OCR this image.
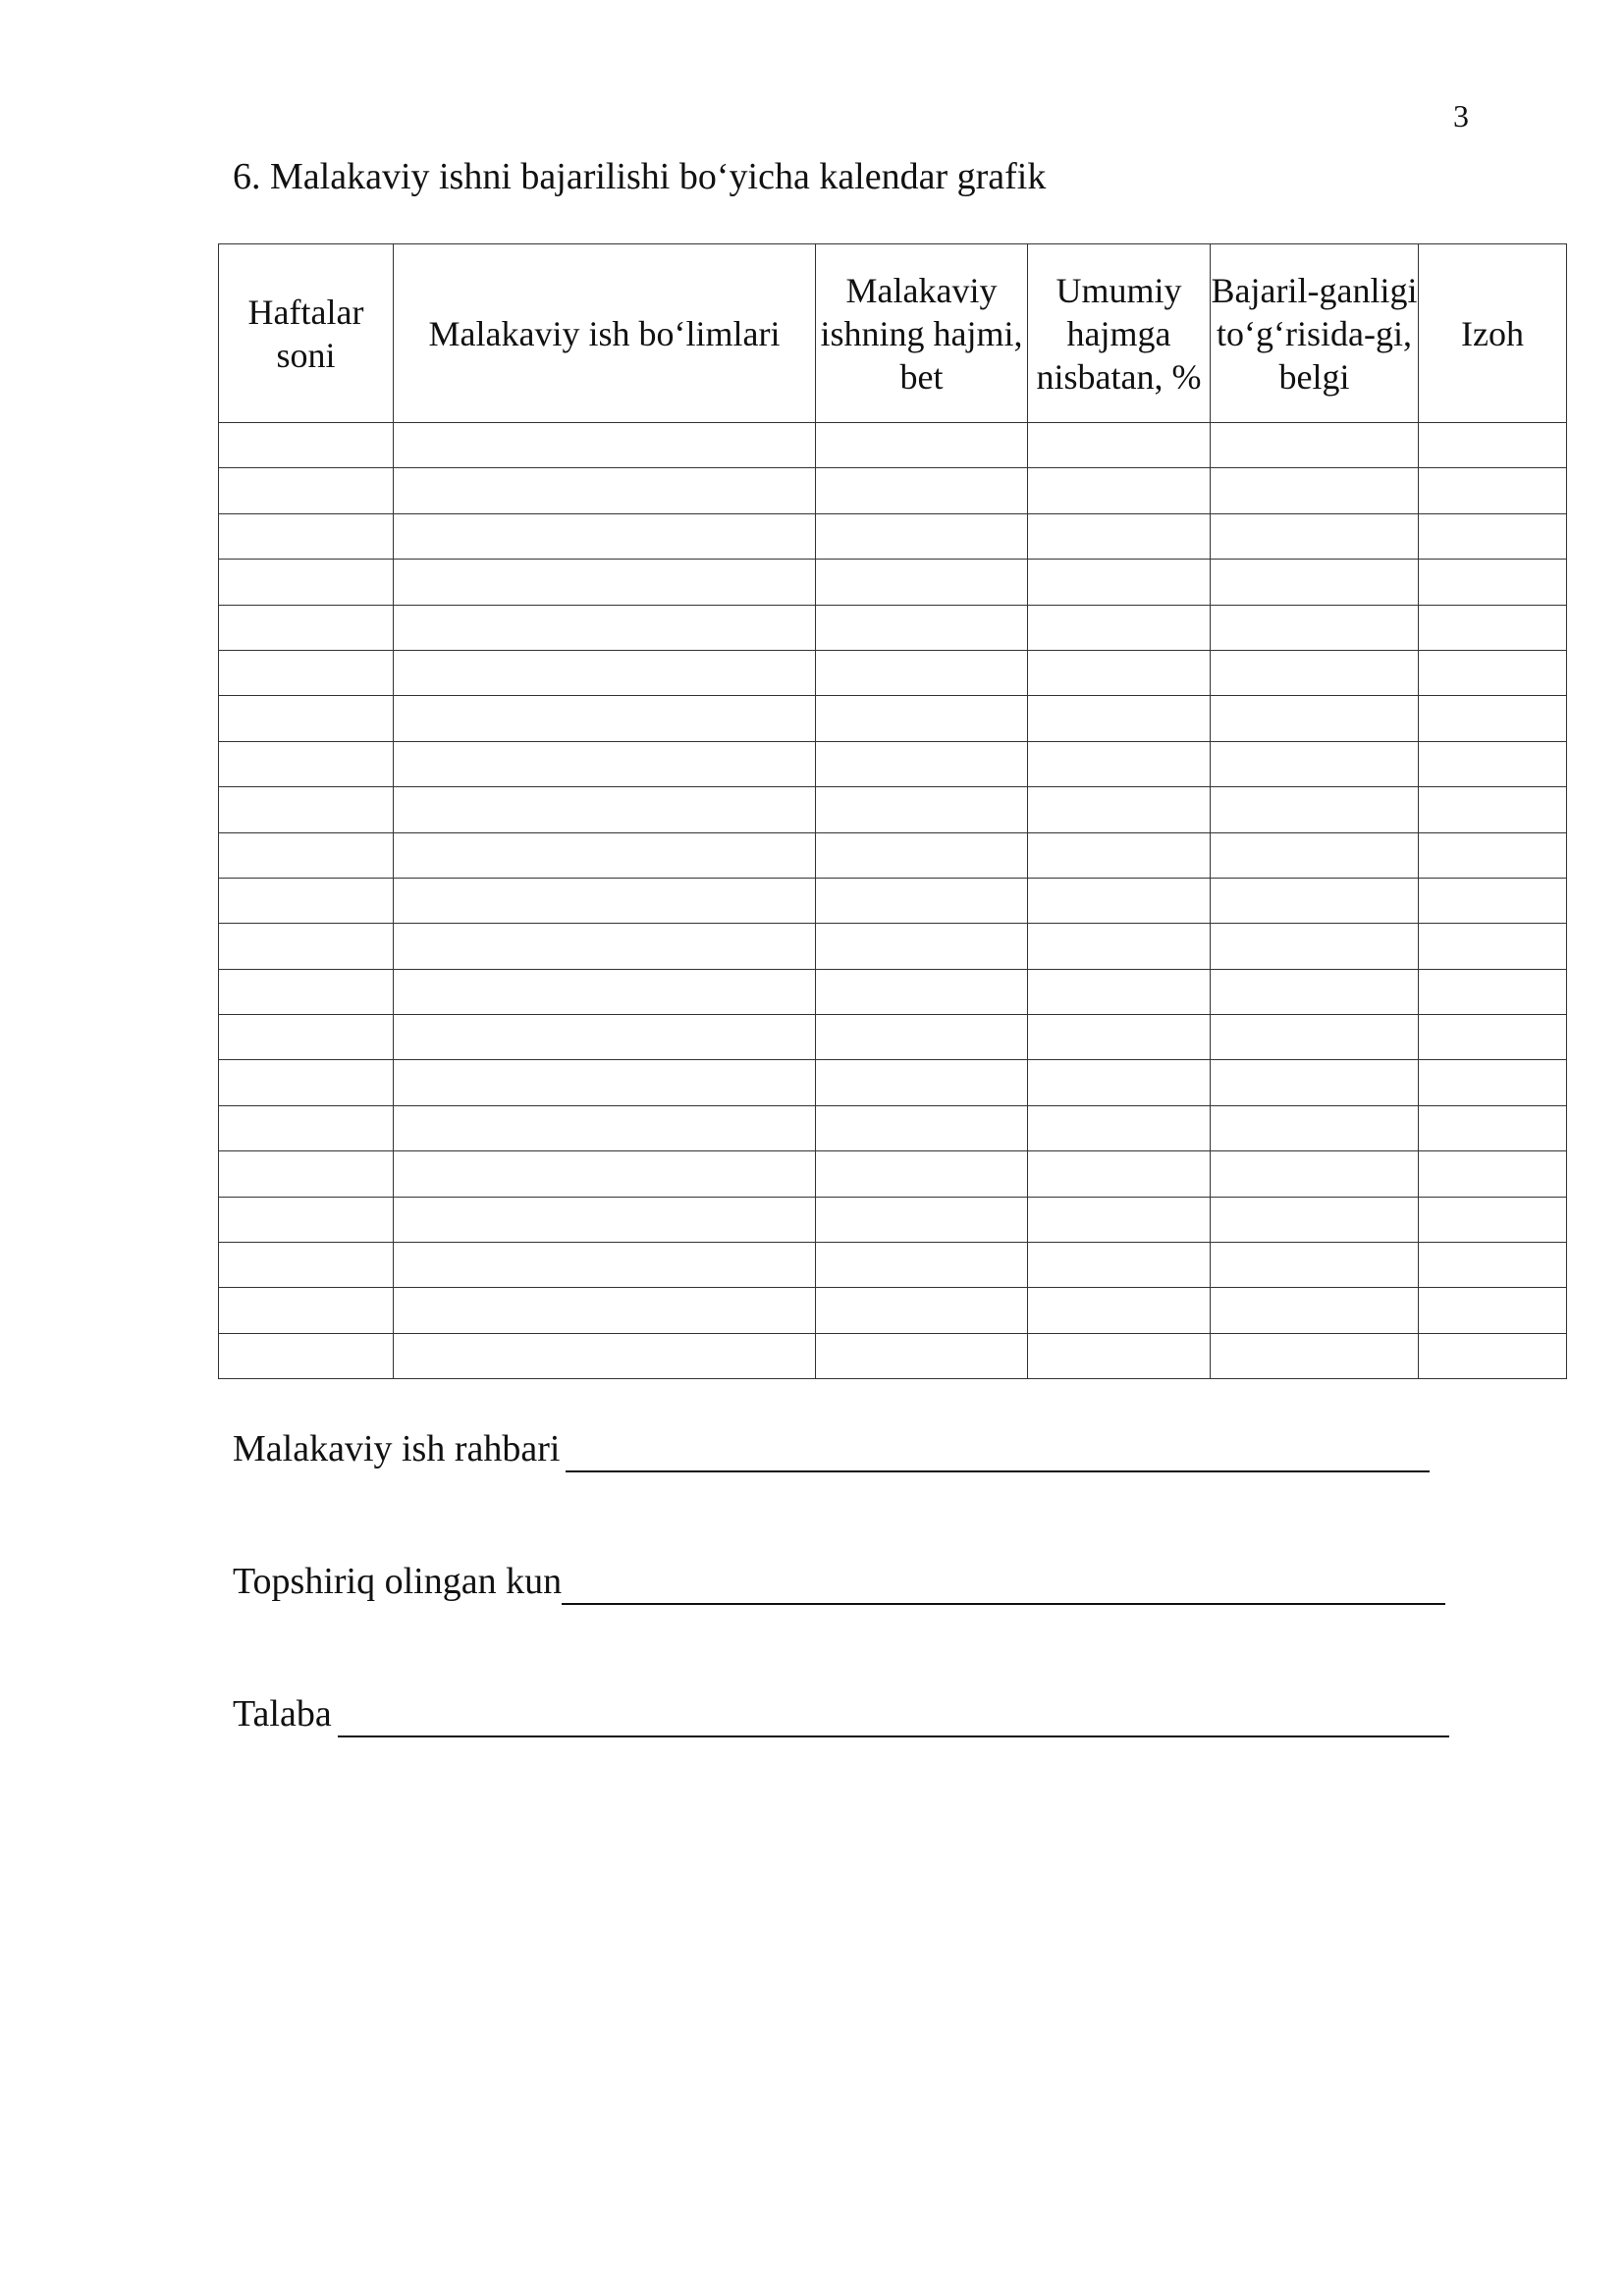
3
6. Malakaviy ishni bajarilishi bo‘yicha kalendar grafik
Haftalar soni	Malakaviy ish bo‘limlari	Malakaviy ishning hajmi, bet	Umumiy hajmga nisbatan, %	Bajaril-ganligi to‘g‘risida-gi, belgi	Izoh

Malakaviy ish rahbari
Topshiriq olingan kun
Talaba
